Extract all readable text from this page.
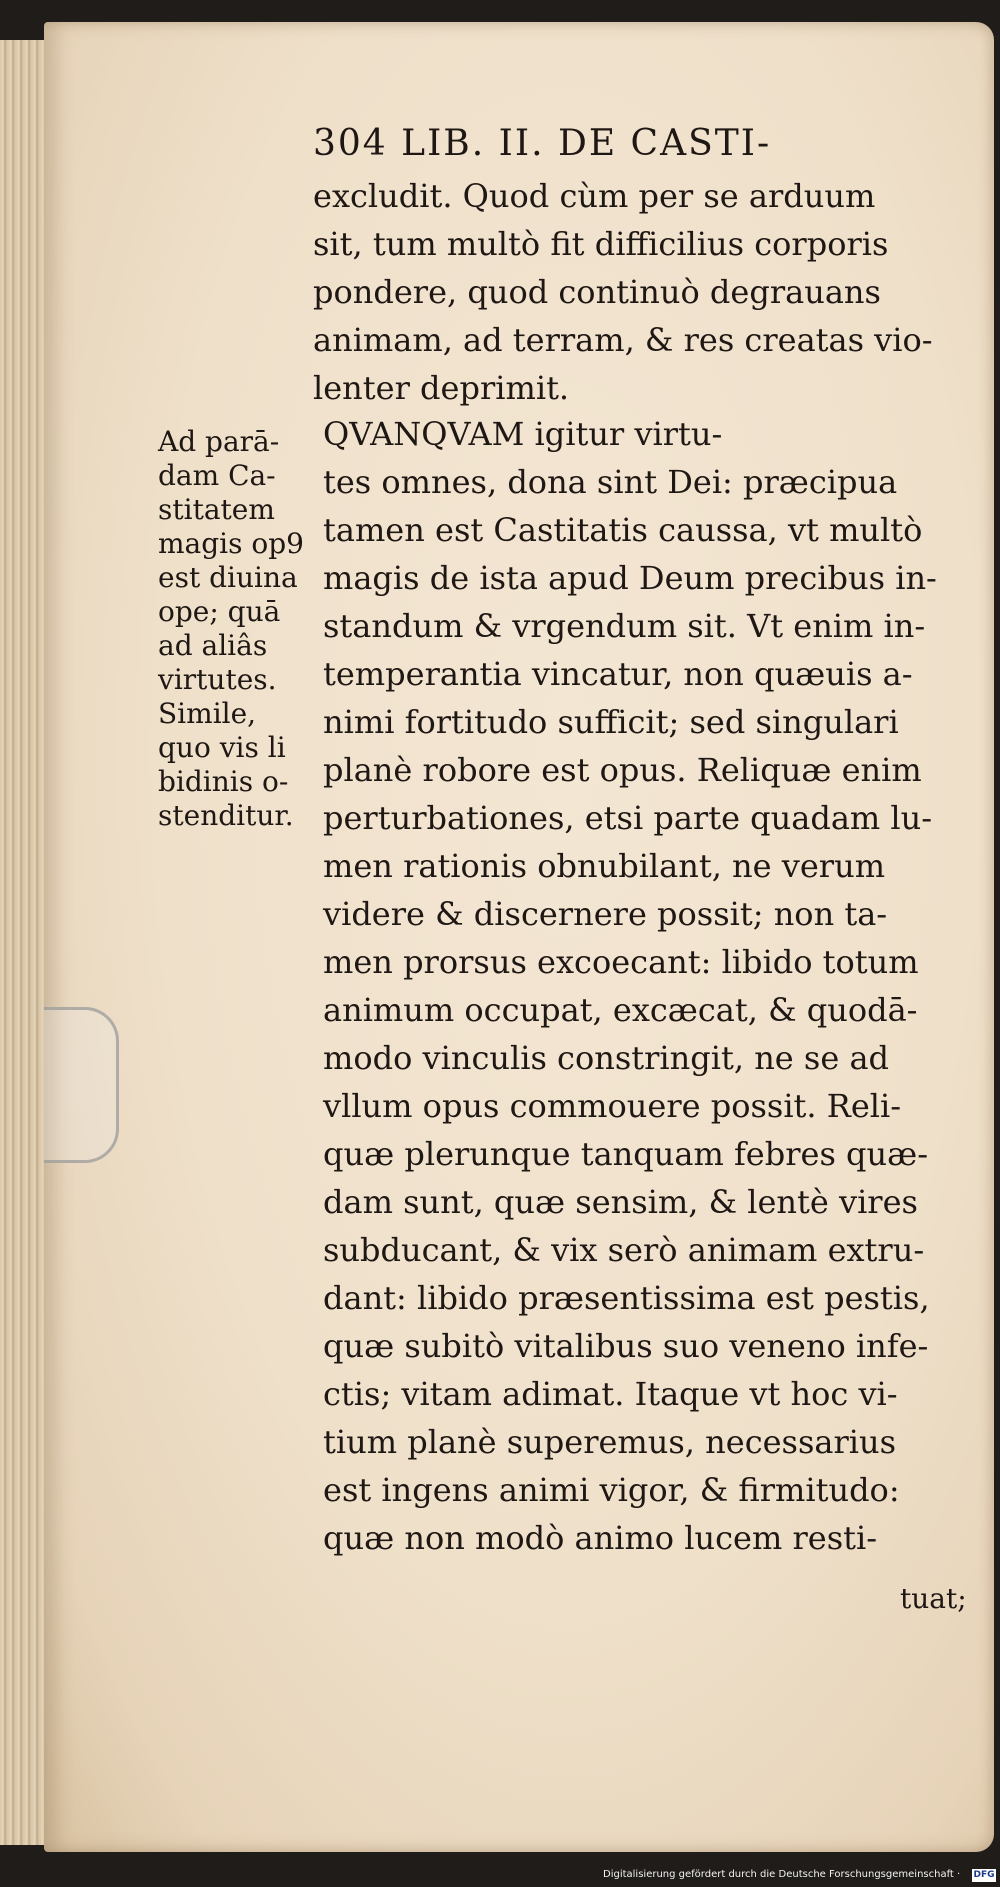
304 LIB. II. DE CASTI-
excludit. Quod cùm per se arduum
sit, tum multò fit difficilius corporis
pondere, quod continuò degrauans
animam, ad terram, & res creatas vio-
lenter deprimit.
QVANQVAM igitur virtu-
tes omnes, dona sint Dei: præcipua
tamen est Castitatis caussa, vt multò
magis de ista apud Deum precibus in-
standum & vrgendum sit. Vt enim in-
temperantia vincatur, non quæuis a-
nimi fortitudo sufficit; sed singulari
planè robore est opus. Reliquæ enim
perturbationes, etsi parte quadam lu-
men rationis obnubilant, ne verum
videre & discernere possit; non ta-
men prorsus excoecant: libido totum
animum occupat, excæcat, & quodā-
modo vinculis constringit, ne se ad
vllum opus commouere possit. Reli-
quæ plerunque tanquam febres quæ-
dam sunt, quæ sensim, & lentè vires
subducant, & vix serò animam extru-
dant: libido præsentissima est pestis,
quæ subitò vitalibus suo veneno infe-
ctis; vitam adimat. Itaque vt hoc vi-
tium planè superemus, necessarius
est ingens animi vigor, & firmitudo:
quæ non modò animo lucem resti-
Ad parā-
dam Ca-
stitatem
magis op9
est diuina
ope; quā
ad aliâs
virtutes.
Simile,
quo vis li
bidinis o-
stenditur.
tuat;
Digitalisierung gefördert durch die Deutsche Forschungsgemeinschaft · DFG
